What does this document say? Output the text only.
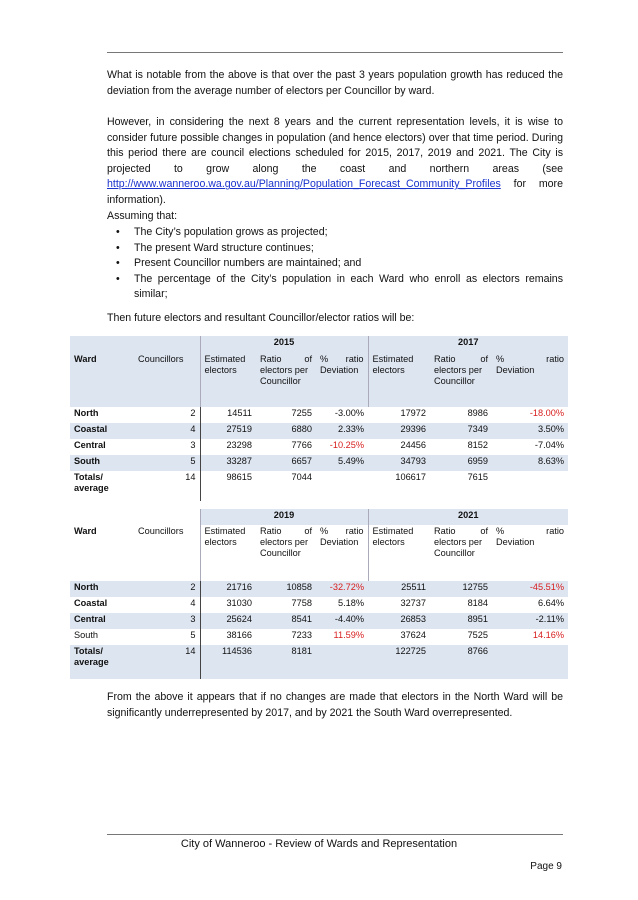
What is notable from the above is that over the past 3 years population growth has reduced the deviation from the average number of electors per Councillor by ward.

However, in considering the next 8 years and the current representation levels, it is wise to consider future possible changes in population (and hence electors) over that time period. During this period there are council elections scheduled for 2015, 2017, 2019 and 2021. The City is projected to grow along the coast and northern areas (see http://www.wanneroo.wa.gov.au/Planning/Population_Forecast_Community_Profiles for more information).

Assuming that:

• The City’s population grows as projected;
• The present Ward structure continues;
• Present Councillor numbers are maintained; and
• The percentage of the City’s population in each Ward who enroll as electors remains similar;

Then future electors and resultant Councillor/elector ratios will be:

		2015			2017		
Ward	Councillors	Estimated electors	Ratio of
electors per Councillor	% ratio
Deviation	Estimated electors	Ratio of
electors per Councillor	% ratio
Deviation
North	2	14511	7255	-3.00%	17972	8986	-18.00%
Coastal	4	27519	6880	2.33%	29396	7349	3.50%
Central	3	23298	7766	-10.25%	24456	8152	-7.04%
South	5	33287	6657	5.49%	34793	6959	8.63%
Totals/
average	14	98615	7044		106617	7615	
		2019			2021		
Ward	Councillors	Estimated electors	Ratio of
electors per Councillor	% ratio
Deviation	Estimated electors	Ratio of
electors per Councillor	% ratio
Deviation
North	2	21716	10858	-32.72%	25511	12755	-45.51%
Coastal	4	31030	7758	5.18%	32737	8184	6.64%
Central	3	25624	8541	-4.40%	26853	8951	-2.11%
South	5	38166	7233	11.59%	37624	7525	14.16%
Totals/
average	14	114536	8181		122725	8766	

From the above it appears that if no changes are made that electors in the North Ward will be significantly underrepresented by 2017, and by 2021 the South Ward overrepresented.

City of Wanneroo - Review of Wards and Representation
Page 9
